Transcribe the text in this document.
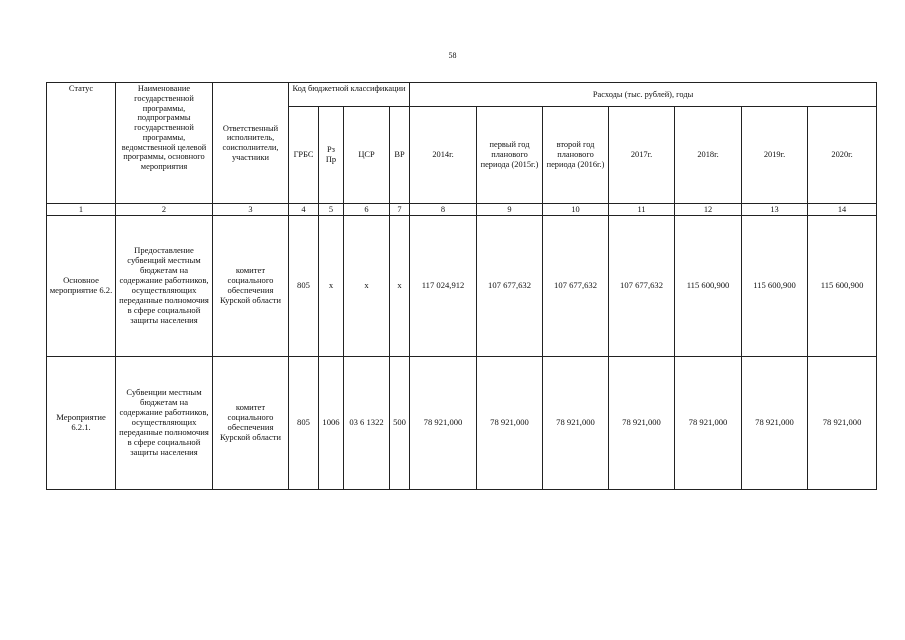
58
Статус	Наименование государственной программы, подпрограммы государственной программы, ведомственной целевой программы, основного мероприятия	Ответственный исполнитель, соисполнители, участники	Код бюджетной классификации				Расходы (тыс. рублей), годы						
			ГРБС	Рз Пр	ЦСР	ВР	2014г.	первый год планового периода (2015г.)	второй год планового периода (2016г.)	2017г.	2018г.	2019г.	2020г.
1	2	3	4	5	6	7	8	9	10	11	12	13	14
Основное мероприятие 6.2.	Предоставление субвенций местным бюджетам на содержание работников, осуществляющих переданные полномочия в сфере социальной защиты населения	комитет социального обеспечения Курской области	805	х	х	х	117 024,912	107 677,632	107 677,632	107 677,632	115 600,900	115 600,900	115 600,900
Мероприятие 6.2.1.	Субвенции местным бюджетам на содержание работников, осуществляющих переданные полномочия в сфере социальной защиты населения	комитет социального обеспечения Курской области	805	1006	03 6 1322	500	78 921,000	78 921,000	78 921,000	78 921,000	78 921,000	78 921,000	78 921,000
